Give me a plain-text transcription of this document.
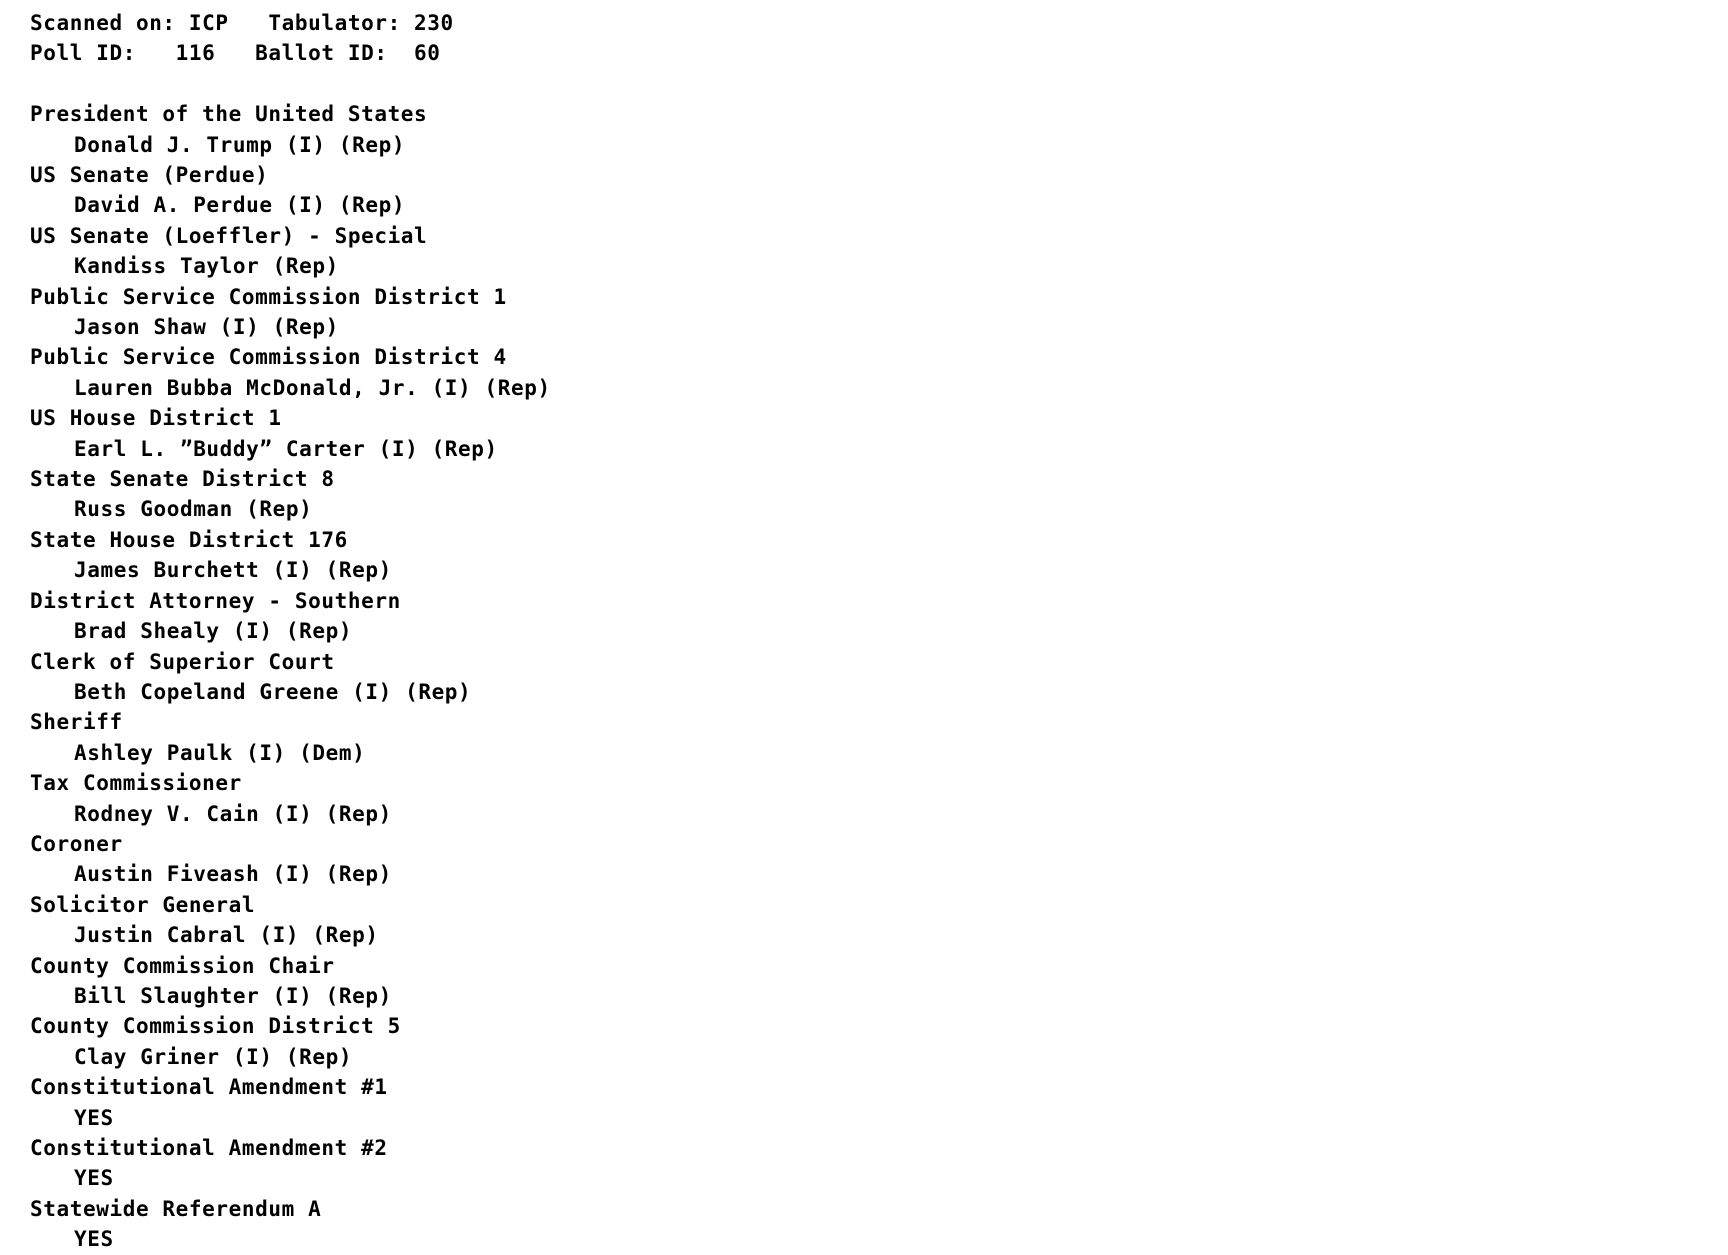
Scanned on: ICP   Tabulator: 230
Poll ID:   116   Ballot ID:  60
President of the United States
Donald J. Trump (I) (Rep)
US Senate (Perdue)
David A. Perdue (I) (Rep)
US Senate (Loeffler) - Special
Kandiss Taylor (Rep)
Public Service Commission District 1
Jason Shaw (I) (Rep)
Public Service Commission District 4
Lauren Bubba McDonald, Jr. (I) (Rep)
US House District 1
Earl L. ”Buddy” Carter (I) (Rep)
State Senate District 8
Russ Goodman (Rep)
State House District 176
James Burchett (I) (Rep)
District Attorney - Southern
Brad Shealy (I) (Rep)
Clerk of Superior Court
Beth Copeland Greene (I) (Rep)
Sheriff
Ashley Paulk (I) (Dem)
Tax Commissioner
Rodney V. Cain (I) (Rep)
Coroner
Austin Fiveash (I) (Rep)
Solicitor General
Justin Cabral (I) (Rep)
County Commission Chair
Bill Slaughter (I) (Rep)
County Commission District 5
Clay Griner (I) (Rep)
Constitutional Amendment #1
YES
Constitutional Amendment #2
YES
Statewide Referendum A
YES
